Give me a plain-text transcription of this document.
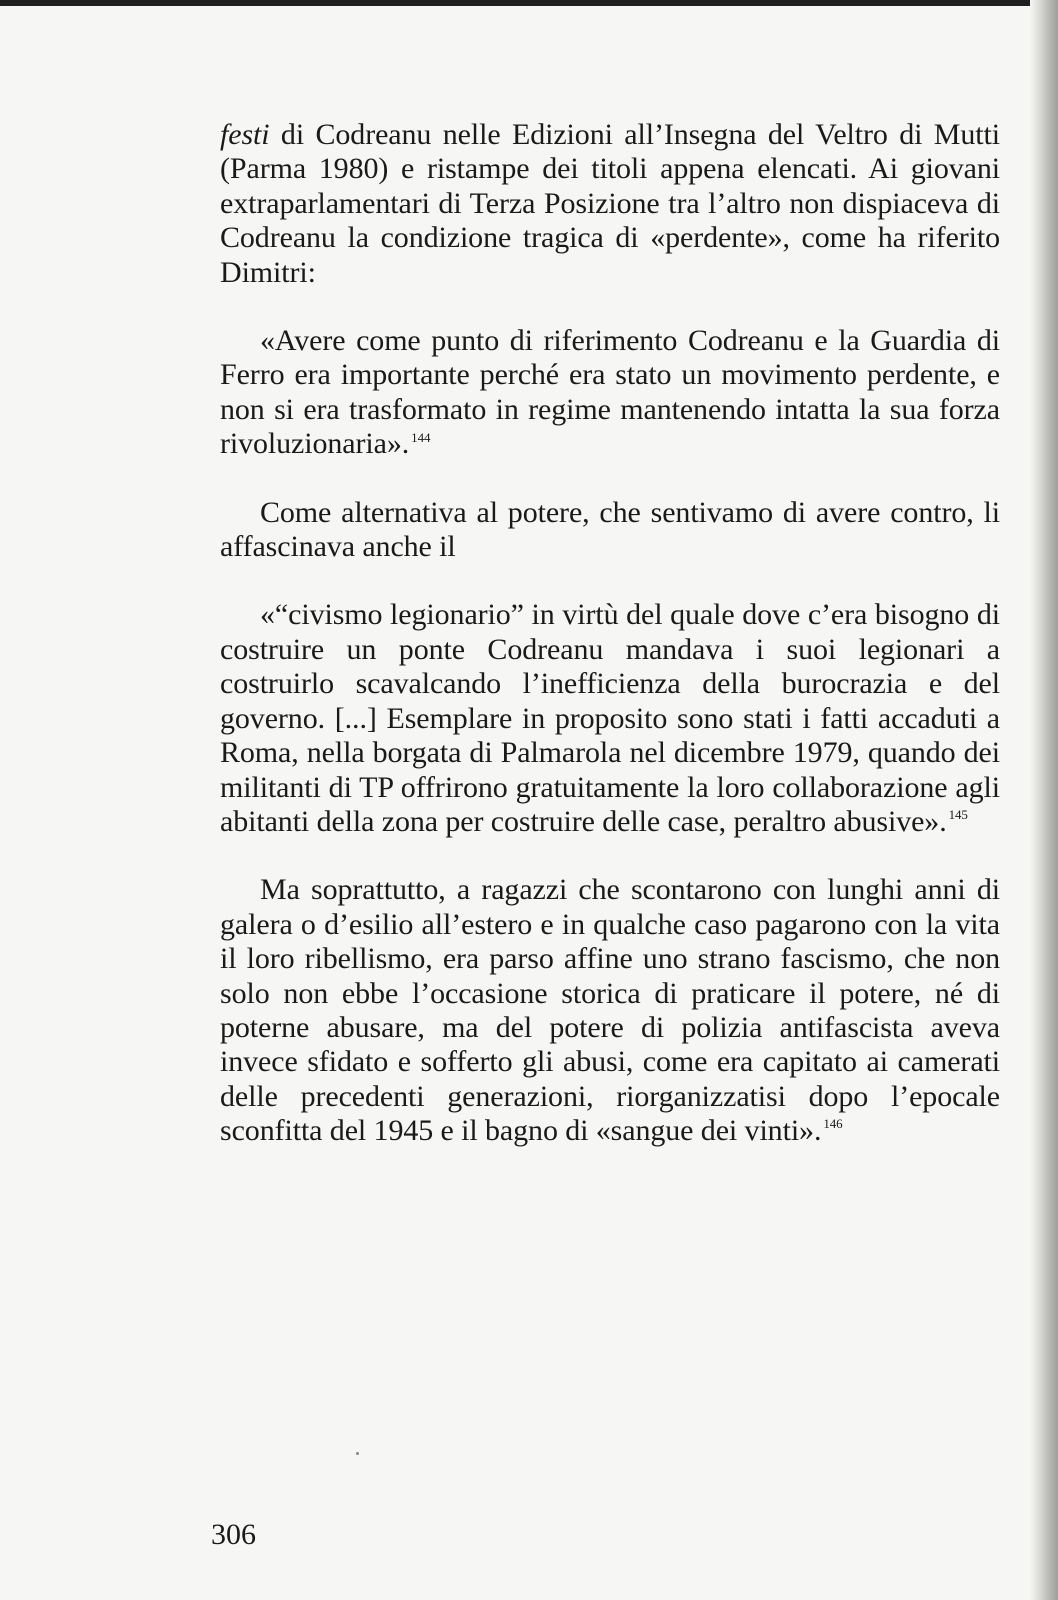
festi di Codreanu nelle Edizioni all’Insegna del Veltro di Mutti (Parma 1980) e ristampe dei titoli appena elencati. Ai giovani extraparlamentari di Terza Posizione tra l’altro non dispiaceva di Codreanu la condizione tragica di «perdente», come ha riferito Dimitri:

«Avere come punto di riferimento Codreanu e la Guardia di Ferro era importante perché era stato un movimento perdente, e non si era trasformato in regime mantenendo intatta la sua forza rivoluzionaria». $^{144}$

Come alternativa al potere, che sentivamo di avere contro, li affascinava anche il

«“civismo legionario” in virtù del quale dove c’era bisogno di costruire un ponte Codreanu mandava i suoi legionari a costruirlo scavalcando l’inefficienza della burocrazia e del governo. [...] Esemplare in proposito sono stati i fatti accaduti a Roma, nella borgata di Palmarola nel dicembre 1979, quando dei militanti di TP offrirono gratuitamente la loro collaborazione agli abitanti della zona per costruire delle case, peraltro abusive». $^{145}$

Ma soprattutto, a ragazzi che scontarono con lunghi anni di galera o d’esilio all’estero e in qualche caso pagarono con la vita il loro ribellismo, era parso affine uno strano fascismo, che non solo non ebbe l’occasione storica di praticare il potere, né di poterne abusare, ma del potere di polizia antifascista aveva invece sfidato e sofferto gli abusi, come era capitato ai camerati delle precedenti generazioni, riorganizzatisi dopo l’epocale sconfitta del 1945 e il bagno di «sangue dei vinti». $^{146}$

306
